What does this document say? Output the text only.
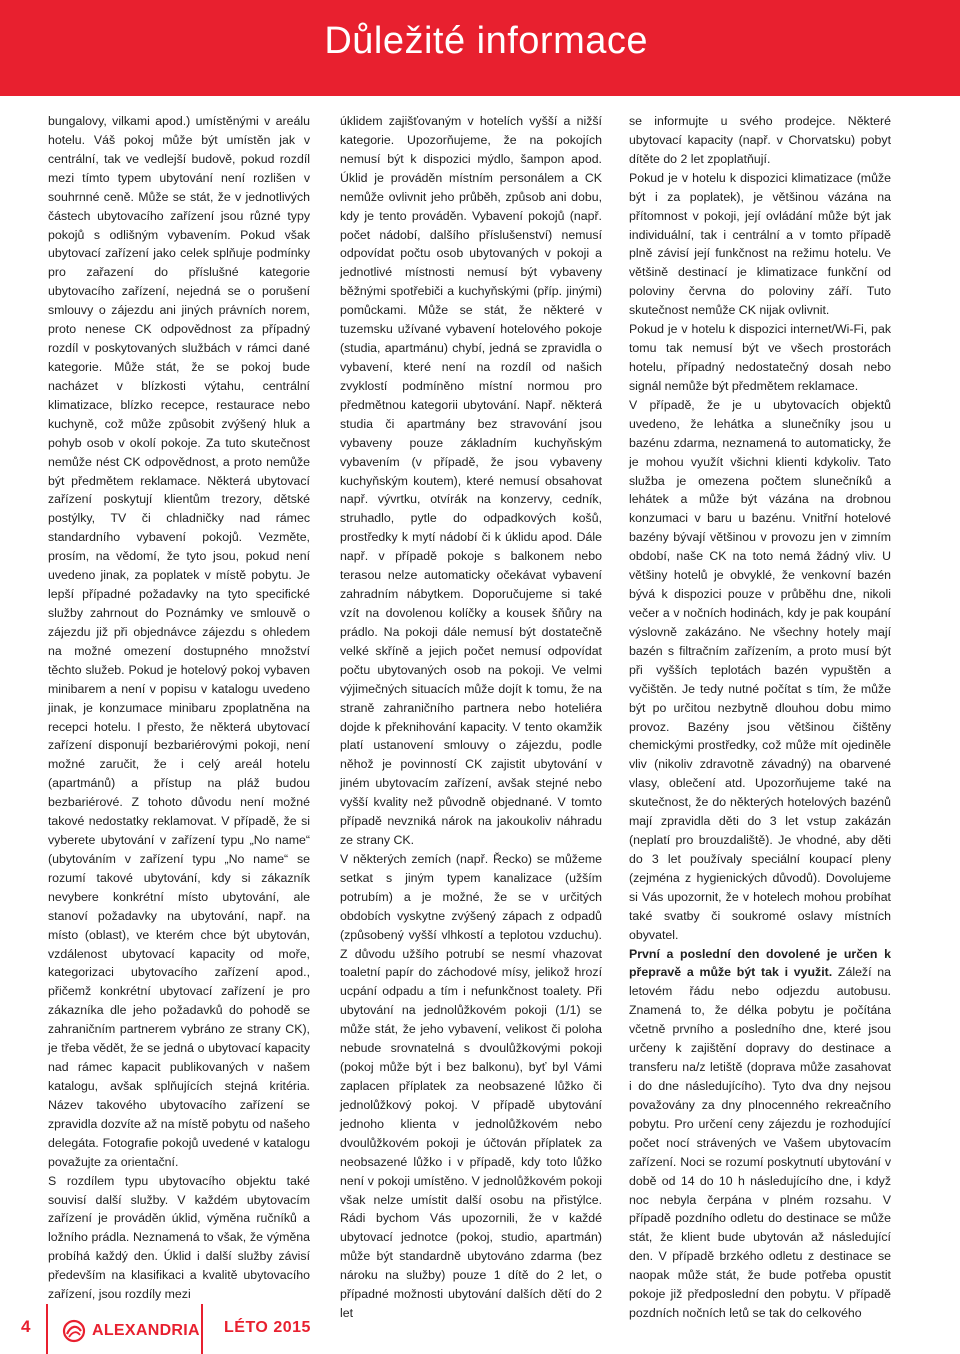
Důležité informace

bungalovy, vilkami apod.) umístěnými v areálu hotelu. Váš pokoj může být umístěn jak v centrální, tak ve vedlejší budově, pokud rozdíl mezi tímto typem ubytování není rozlišen v souhrnné ceně. Může se stát, že v jednotlivých částech ubytovacího zařízení jsou různé typy pokojů s odlišným vybavením. Pokud však ubytovací zařízení jako celek splňuje podmínky pro zařazení do příslušné kategorie ubytovacího zařízení, nejedná se o porušení smlouvy o zájezdu ani jiných právních norem, proto nenese CK odpovědnost za případný rozdíl v poskytovaných službách v rámci dané kategorie. Může stát, že se pokoj bude nacházet v blízkosti výtahu, centrální klimatizace, blízko recepce, restaurace nebo kuchyně, což může způsobit zvýšený hluk a pohyb osob v okolí pokoje. Za tuto skutečnost nemůže nést CK odpovědnost, a proto nemůže být předmětem reklamace. Některá ubytovací zařízení poskytují klientům trezory, dětské postýlky, TV či chladničky nad rámec standardního vybavení pokojů. Vezměte, prosím, na vědomí, že tyto jsou, pokud není uvedeno jinak, za poplatek v místě pobytu. Je lepší případné požadavky na tyto specifické služby zahrnout do Poznámky ve smlouvě o zájezdu již při objednávce zájezdu s ohledem na možné omezení dostupného množství těchto služeb. Pokud je hotelový pokoj vybaven minibarem a není v popisu v katalogu uvedeno jinak, je konzumace minibaru zpoplatněna na recepci hotelu. I přesto, že některá ubytovací zařízení disponují bezbariérovými pokoji, není možné zaručit, že i celý areál hotelu (apartmánů) a přístup na pláž budou bezbariérové. Z tohoto důvodu není možné takové nedostatky reklamovat. V případě, že si vyberete ubytování v zařízení typu „No name“ (ubytováním v zařízení typu „No name“ se rozumí takové ubytování, kdy si zákazník nevybere konkrétní místo ubytování, ale stanoví požadavky na ubytování, např. na místo (oblast), ve kterém chce být ubytován, vzdálenost ubytovací kapacity od moře, kategorizaci ubytovacího zařízení apod., přičemž konkrétní ubytovací zařízení je pro zákazníka dle jeho požadavků do pohodě se zahraničním partnerem vybráno ze strany CK), je třeba vědět, že se jedná o ubytovací kapacity nad rámec kapacit publikovaných v našem katalogu, avšak splňujících stejná kritéria. Název takového ubytovacího zařízení se zpravidla dozvíte až na místě pobytu od našeho delegáta. Fotografie pokojů uvedené v katalogu považujte za orientační.

S rozdílem typu ubytovacího objektu také souvisí další služby. V každém ubytovacím zařízení je prováděn úklid, výměna ručníků a ložního prádla. Neznamená to však, že výměna probíhá každý den. Úklid i další služby závisí především na klasifikaci a kvalitě ubytovacího zařízení, jsou rozdíly mezi

úklidem zajišťovaným v hotelích vyšší a nižší kategorie. Upozorňujeme, že na pokojích nemusí být k dispozici mýdlo, šampon apod. Úklid je prováděn místním personálem a CK nemůže ovlivnit jeho průběh, způsob ani dobu, kdy je tento prováděn. Vybavení pokojů (např. počet nádobí, dalšího příslušenství) nemusí odpovídat počtu osob ubytovaných v pokoji a jednotlivé místnosti nemusí být vybaveny běžnými spotřebiči a kuchyňskými (příp. jinými) pomůckami. Může se stát, že některé v tuzemsku užívané vybavení hotelového pokoje (studia, apartmánu) chybí, jedná se zpravidla o vybavení, které není na rozdíl od našich zvyklostí podmíněno místní normou pro předmětnou kategorii ubytování. Např. některá studia či apartmány bez stravování jsou vybaveny pouze základním kuchyňským vybavením (v případě, že jsou vybaveny kuchyňským koutem), které nemusí obsahovat např. vývrtku, otvírák na konzervy, cedník, struhadlo, pytle do odpadkových košů, prostředky k mytí nádobí či k úklidu apod. Dále např. v případě pokoje s balkonem nebo terasou nelze automaticky očekávat vybavení zahradním nábytkem. Doporučujeme si také vzít na dovolenou kolíčky a kousek šňůry na prádlo. Na pokoji dále nemusí být dostatečně velké skříně a jejich počet nemusí odpovídat počtu ubytovaných osob na pokoji. Ve velmi výjimečných situacích může dojít k tomu, že na straně zahraničního partnera nebo hoteliéra dojde k překnihování kapacity. V tento okamžik platí ustanovení smlouvy o zájezdu, podle něhož je povinností CK zajistit ubytování v jiném ubytovacím zařízení, avšak stejné nebo vyšší kvality než původně objednané. V tomto případě nevzniká nárok na jakoukoliv náhradu ze strany CK.

V některých zemích (např. Řecko) se můžeme setkat s jiným typem kanalizace (užším potrubím) a je možné, že se v určitých obdobích vyskytne zvýšený zápach z odpadů (způsobený vyšší vlhkostí a teplotou vzduchu). Z důvodu užšího potrubí se nesmí vhazovat toaletní papír do záchodové mísy, jelikož hrozí ucpání odpadu a tím i nefunkčnost toalety. Při ubytování na jednolůžkovém pokoji (1/1) se může stát, že jeho vybavení, velikost či poloha nebude srovnatelná s dvoulůžkovými pokoji (pokoj může být i bez balkonu), byť byl Vámi zaplacen příplatek za neobsazené lůžko či jednolůžkový pokoj. V případě ubytování jednoho klienta v jednolůžkovém nebo dvoulůžkovém pokoji je účtován příplatek za neobsazené lůžko i v případě, kdy toto lůžko není v pokoji umístěno. V jednolůžkovém pokoji však nelze umístit další osobu na přistýlce. Rádi bychom Vás upozornili, že v každé ubytovací jednotce (pokoj, studio, apartmán) může být standardně ubytováno zdarma (bez nároku na služby) pouze 1 dítě do 2 let, o případné možnosti ubytování dalších dětí do 2 let

se informujte u svého prodejce. Některé ubytovací kapacity (např. v Chorvatsku) pobyt dítěte do 2 let zpoplatňují.

Pokud je v hotelu k dispozici klimatizace (může být i za poplatek), je většinou vázána na přítomnost v pokoji, její ovládání může být jak individuální, tak i centrální a v tomto případě plně závisí její funkčnost na režimu hotelu. Ve většině destinací je klimatizace funkční od poloviny června do poloviny září. Tuto skutečnost nemůže CK nijak ovlivnit.

Pokud je v hotelu k dispozici internet/Wi-Fi, pak tomu tak nemusí být ve všech prostorách hotelu, případný nedostatečný dosah nebo signál nemůže být předmětem reklamace.

V případě, že je u ubytovacích objektů uvedeno, že lehátka a slunečníky jsou u bazénu zdarma, neznamená to automaticky, že je mohou využít všichni klienti kdykoliv. Tato služba je omezena počtem slunečníků a lehátek a může být vázána na drobnou konzumaci v baru u bazénu. Vnitřní hotelové bazény bývají většinou v provozu jen v zimním období, naše CK na toto nemá žádný vliv. U většiny hotelů je obvyklé, že venkovní bazén bývá k dispozici pouze v průběhu dne, nikoli večer a v nočních hodinách, kdy je pak koupání výslovně zakázáno. Ne všechny hotely mají bazén s filtračním zařízením, a proto musí být při vyšších teplotách bazén vypuštěn a vyčištěn. Je tedy nutné počítat s tím, že může být po určitou nezbytně dlouhou dobu mimo provoz. Bazény jsou většinou čištěny chemickými prostředky, což může mít ojediněle vliv (nikoliv zdravotně závadný) na obarvené vlasy, oblečení atd. Upozorňujeme také na skutečnost, že do některých hotelových bazénů mají zpravidla děti do 3 let vstup zakázán (neplatí pro brouzdaliště). Je vhodné, aby děti do 3 let používaly speciální koupací pleny (zejména z hygienických důvodů). Dovolujeme si Vás upozornit, že v hotelech mohou probíhat také svatby či soukromé oslavy místních obyvatel.

První a poslední den dovolené je určen k přepravě a může být tak i využit. Záleží na letovém řádu nebo odjezdu autobusu. Znamená to, že délka pobytu je počítána včetně prvního a posledního dne, které jsou určeny k zajištění dopravy do destinace a transferu na/z letiště (doprava může zasahovat i do dne následujícího). Tyto dva dny nejsou považovány za dny plnocenného rekreačního pobytu. Pro určení ceny zájezdu je rozhodující počet nocí strávených ve Vašem ubytovacím zařízení. Noci se rozumí poskytnutí ubytování v době od 14 do 10 h následujícího dne, i když noc nebyla čerpána v plném rozsahu. V případě pozdního odletu do destinace se může stát, že klient bude ubytován až následující den. V případě brzkého odletu z destinace se naopak může stát, že bude potřeba opustit pokoje již předposlední den pobytu. V případě pozdních nočních letů se tak do celkového

4	ALEXANDRIA LÉTO 2015
